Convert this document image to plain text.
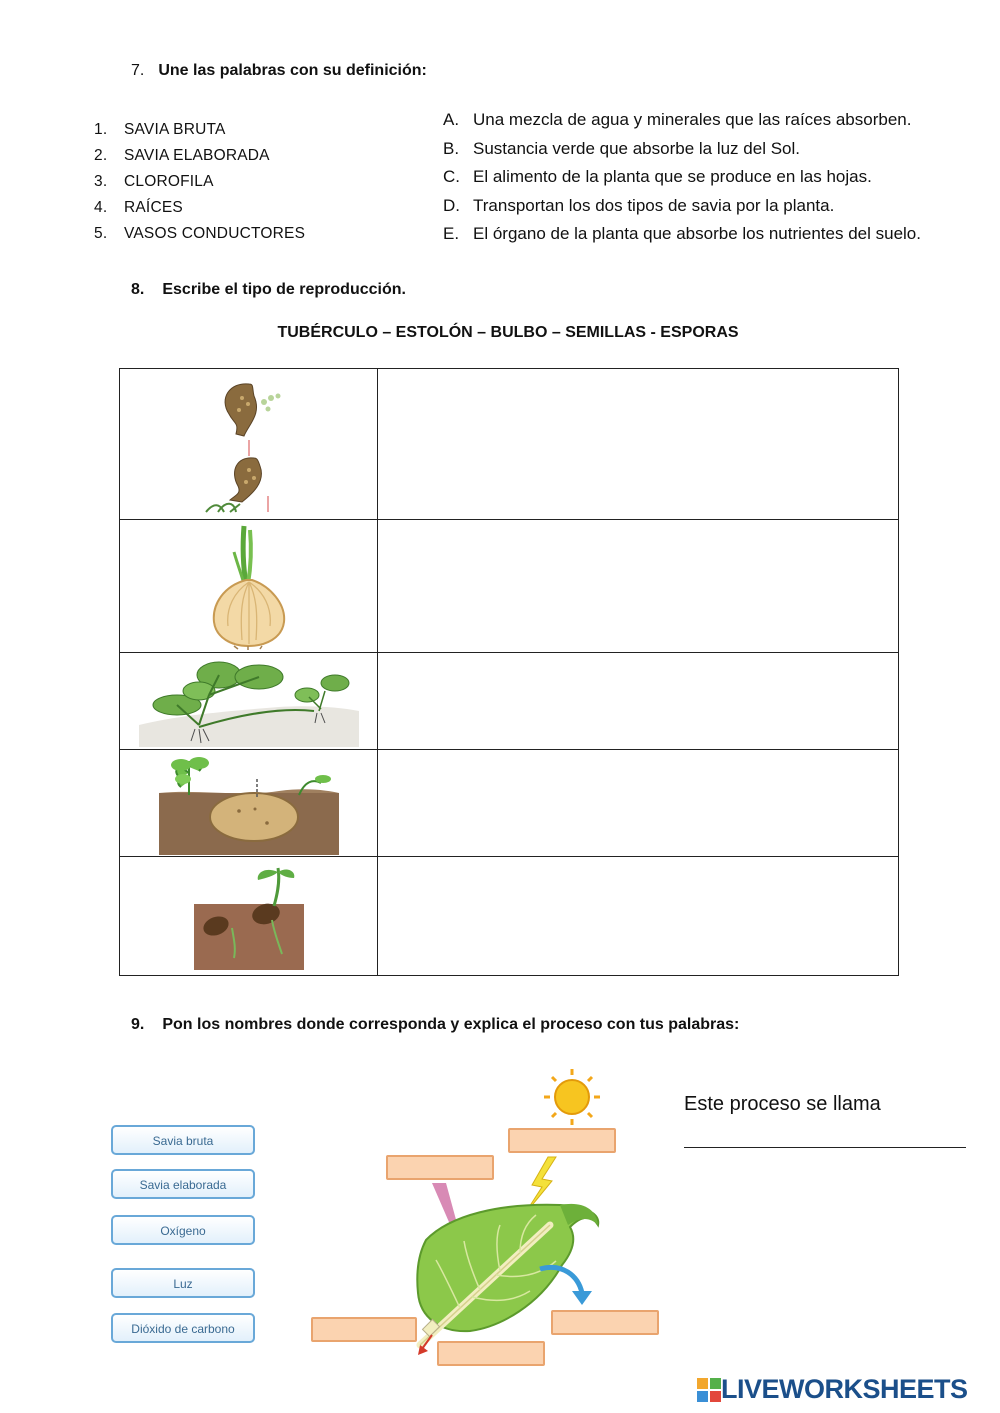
7. Une las palabras con su definición:
1.	SAVIA BRUTA
2.	SAVIA ELABORADA
3.	CLOROFILA
4.	RAÍCES
5.	VASOS CONDUCTORES
A. Una mezcla de agua y minerales que las raíces absorben.
B. Sustancia verde que absorbe la luz del Sol.
C. El alimento de la planta que se produce en las hojas.
D. Transportan los dos tipos de savia por la planta.
E. El órgano de la planta que absorbe los nutrientes del suelo.
8. Escribe el tipo de reproducción.
TUBÉRCULO – ESTOLÓN – BULBO – SEMILLAS - ESPORAS

9. Pon los nombres donde corresponda y explica el proceso con tus palabras:
Savia bruta
Savia elaborada
Oxígeno
Luz
Dióxido de carbono
Este proceso se llama
LIVEWORKSHEETS
